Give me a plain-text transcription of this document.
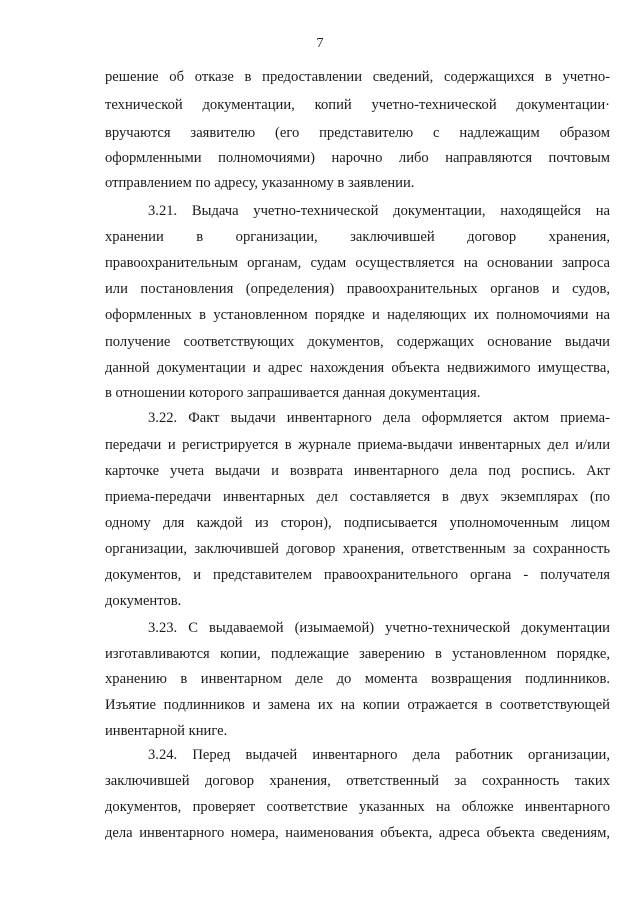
7
решение об отказе в предоставлении сведений, содержащихся в учетно-
технической документации, копий учетно-технической документации·
вручаются заявителю (его представителю с надлежащим образом
оформленными полномочиями) нарочно либо направляются почтовым
отправлением по адресу, указанному в заявлении.
3.21. Выдача учетно-технической документации, находящейся на
хранении в организации, заключившей договор хранения,
правоохранительным органам, судам осуществляется на основании запроса
или постановления (определения) правоохранительных органов и судов,
оформленных в установленном порядке и наделяющих их полномочиями на
получение соответствующих документов, содержащих основание выдачи
данной документации и адрес нахождения объекта недвижимого имущества,
в отношении которого запрашивается данная документация.
3.22. Факт выдачи инвентарного дела оформляется актом приема-
передачи и регистрируется в журнале приема-выдачи инвентарных дел и/или
карточке учета выдачи и возврата инвентарного дела под роспись. Акт
приема-передачи инвентарных дел составляется в двух экземплярах (по
одному для каждой из сторон), подписывается уполномоченным лицом
организации, заключившей договор хранения, ответственным за сохранность
документов, и представителем правоохранительного органа - получателя
документов.
3.23. С выдаваемой (изымаемой) учетно-технической документации
изготавливаются копии, подлежащие заверению в установленном порядке,
хранению в инвентарном деле до момента возвращения подлинников.
Изъятие подлинников и замена их на копии отражается в соответствующей
инвентарной книге.
3.24. Перед выдачей инвентарного дела работник организации,
заключившей договор хранения, ответственный за сохранность таких
документов, проверяет соответствие указанных на обложке инвентарного
дела инвентарного номера, наименования объекта, адреса объекта сведениям,
